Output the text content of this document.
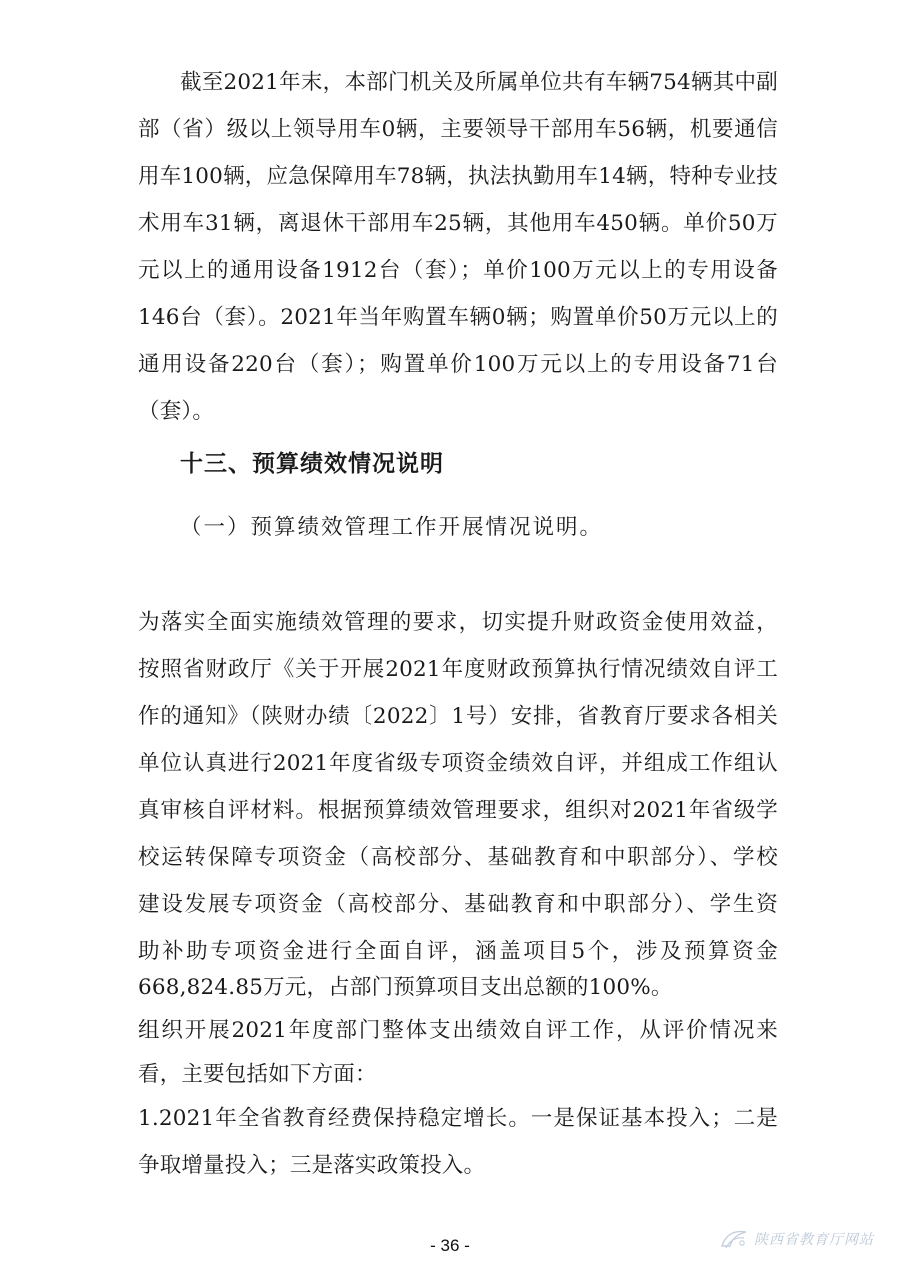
截至2021年末，本部门机关及所属单位共有车辆754辆其中副
部（省）级以上领导用车0辆，主要领导干部用车56辆，机要通信
用车100辆，应急保障用车78辆，执法执勤用车14辆，特种专业技
术用车31辆，离退休干部用车25辆，其他用车450辆。单价50万
元以上的通用设备1912台（套）；单价100万元以上的专用设备
146台（套）。2021年当年购置车辆0辆；购置单价50万元以上的
通用设备220台（套）；购置单价100万元以上的专用设备71台
（套）。
十三、预算绩效情况说明
（一）预算绩效管理工作开展情况说明。
为落实全面实施绩效管理的要求，切实提升财政资金使用效益，
按照省财政厅《关于开展2021年度财政预算执行情况绩效自评工
作的通知》（陕财办绩〔2022〕1号）安排，省教育厅要求各相关
单位认真进行2021年度省级专项资金绩效自评，并组成工作组认
真审核自评材料。根据预算绩效管理要求，组织对2021年省级学
校运转保障专项资金（高校部分、基础教育和中职部分）、学校
建设发展专项资金（高校部分、基础教育和中职部分）、学生资
助补助专项资金进行全面自评，涵盖项目5个，涉及预算资金
668,824.85万元，占部门预算项目支出总额的100%。
组织开展2021年度部门整体支出绩效自评工作，从评价情况来
看，主要包括如下方面：
1.2021年全省教育经费保持稳定增长。一是保证基本投入；二是
争取增量投入；三是落实政策投入。
- 36 -	陕西省教育厅网站
